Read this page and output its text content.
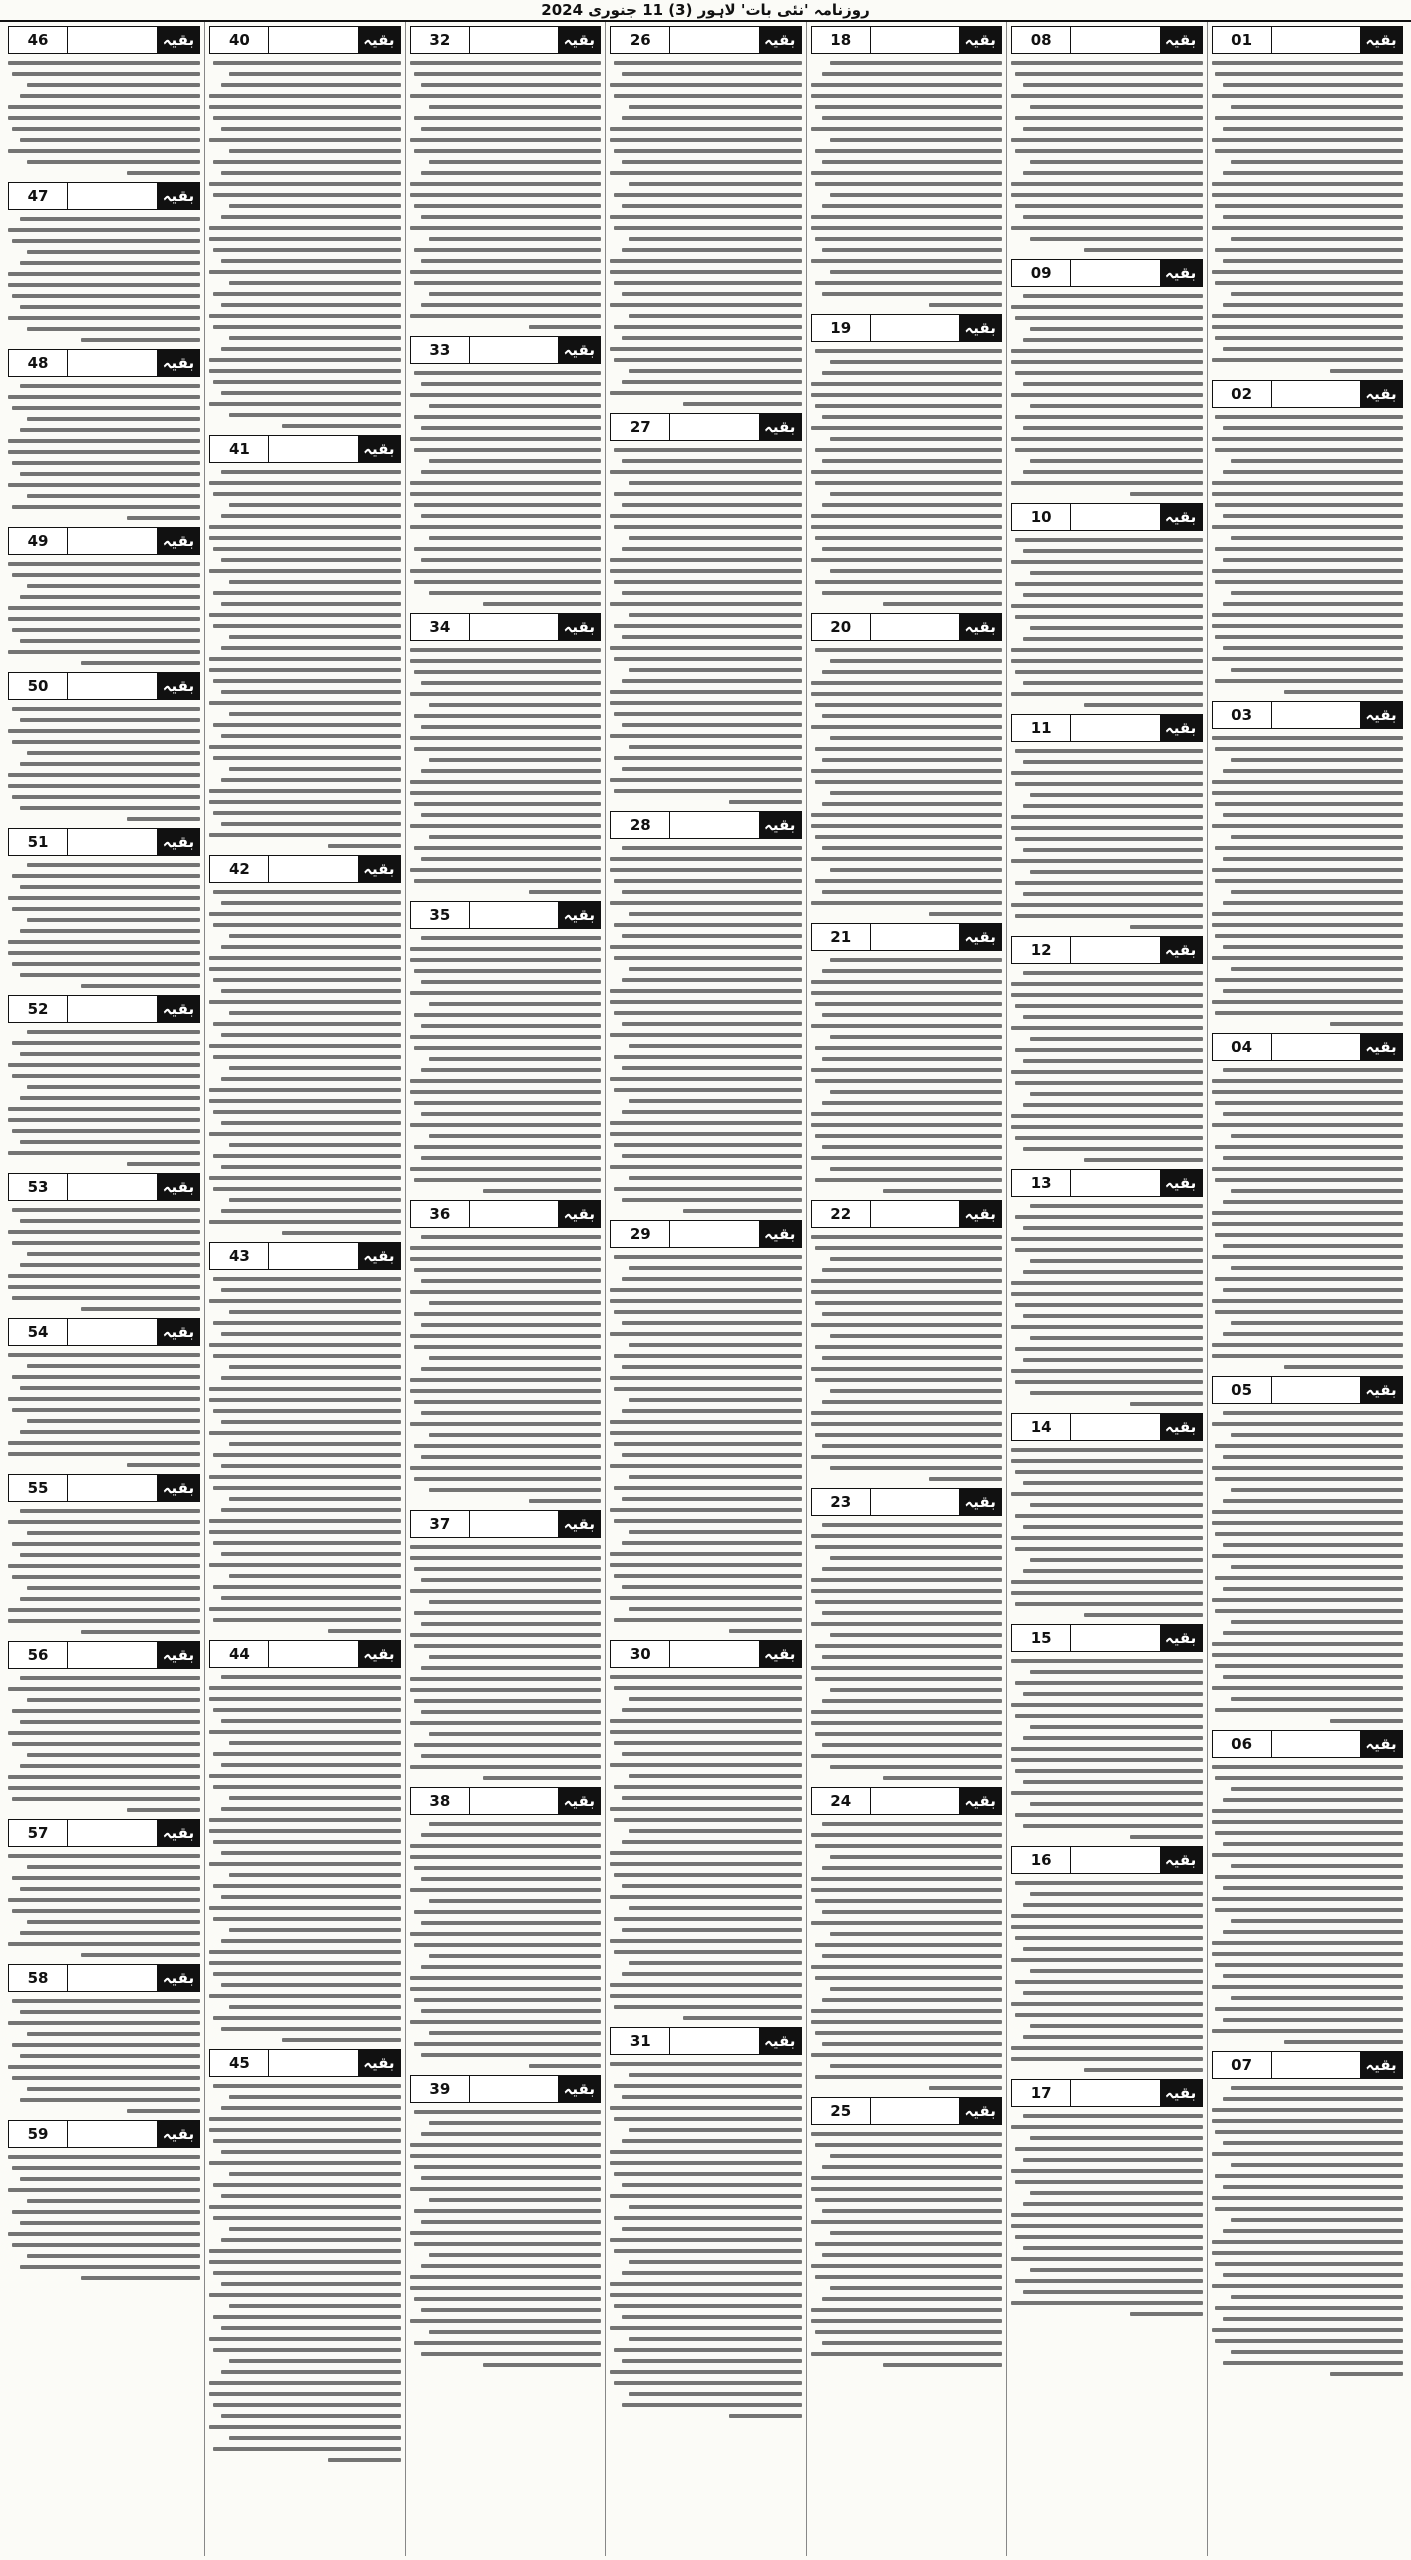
روزنامہ 'نئی بات' لاہور (3) 11 جنوری 2024
01	بقیہ
02	بقیہ
03	بقیہ
04	بقیہ
05	بقیہ
06	بقیہ
07	بقیہ
08	بقیہ
09	بقیہ
10	بقیہ
11	بقیہ
12	بقیہ
13	بقیہ
14	بقیہ
15	بقیہ
16	بقیہ
17	بقیہ
18	بقیہ
19	بقیہ
20	بقیہ
21	بقیہ
22	بقیہ
23	بقیہ
24	بقیہ
25	بقیہ
26	بقیہ
27	بقیہ
28	بقیہ
29	بقیہ
30	بقیہ
31	بقیہ
32	بقیہ
33	بقیہ
34	بقیہ
35	بقیہ
36	بقیہ
37	بقیہ
38	بقیہ
39	بقیہ
40	بقیہ
41	بقیہ
42	بقیہ
43	بقیہ
44	بقیہ
45	بقیہ
46	بقیہ
47	بقیہ
48	بقیہ
49	بقیہ
50	بقیہ
51	بقیہ
52	بقیہ
53	بقیہ
54	بقیہ
55	بقیہ
56	بقیہ
57	بقیہ
58	بقیہ
59	بقیہ
